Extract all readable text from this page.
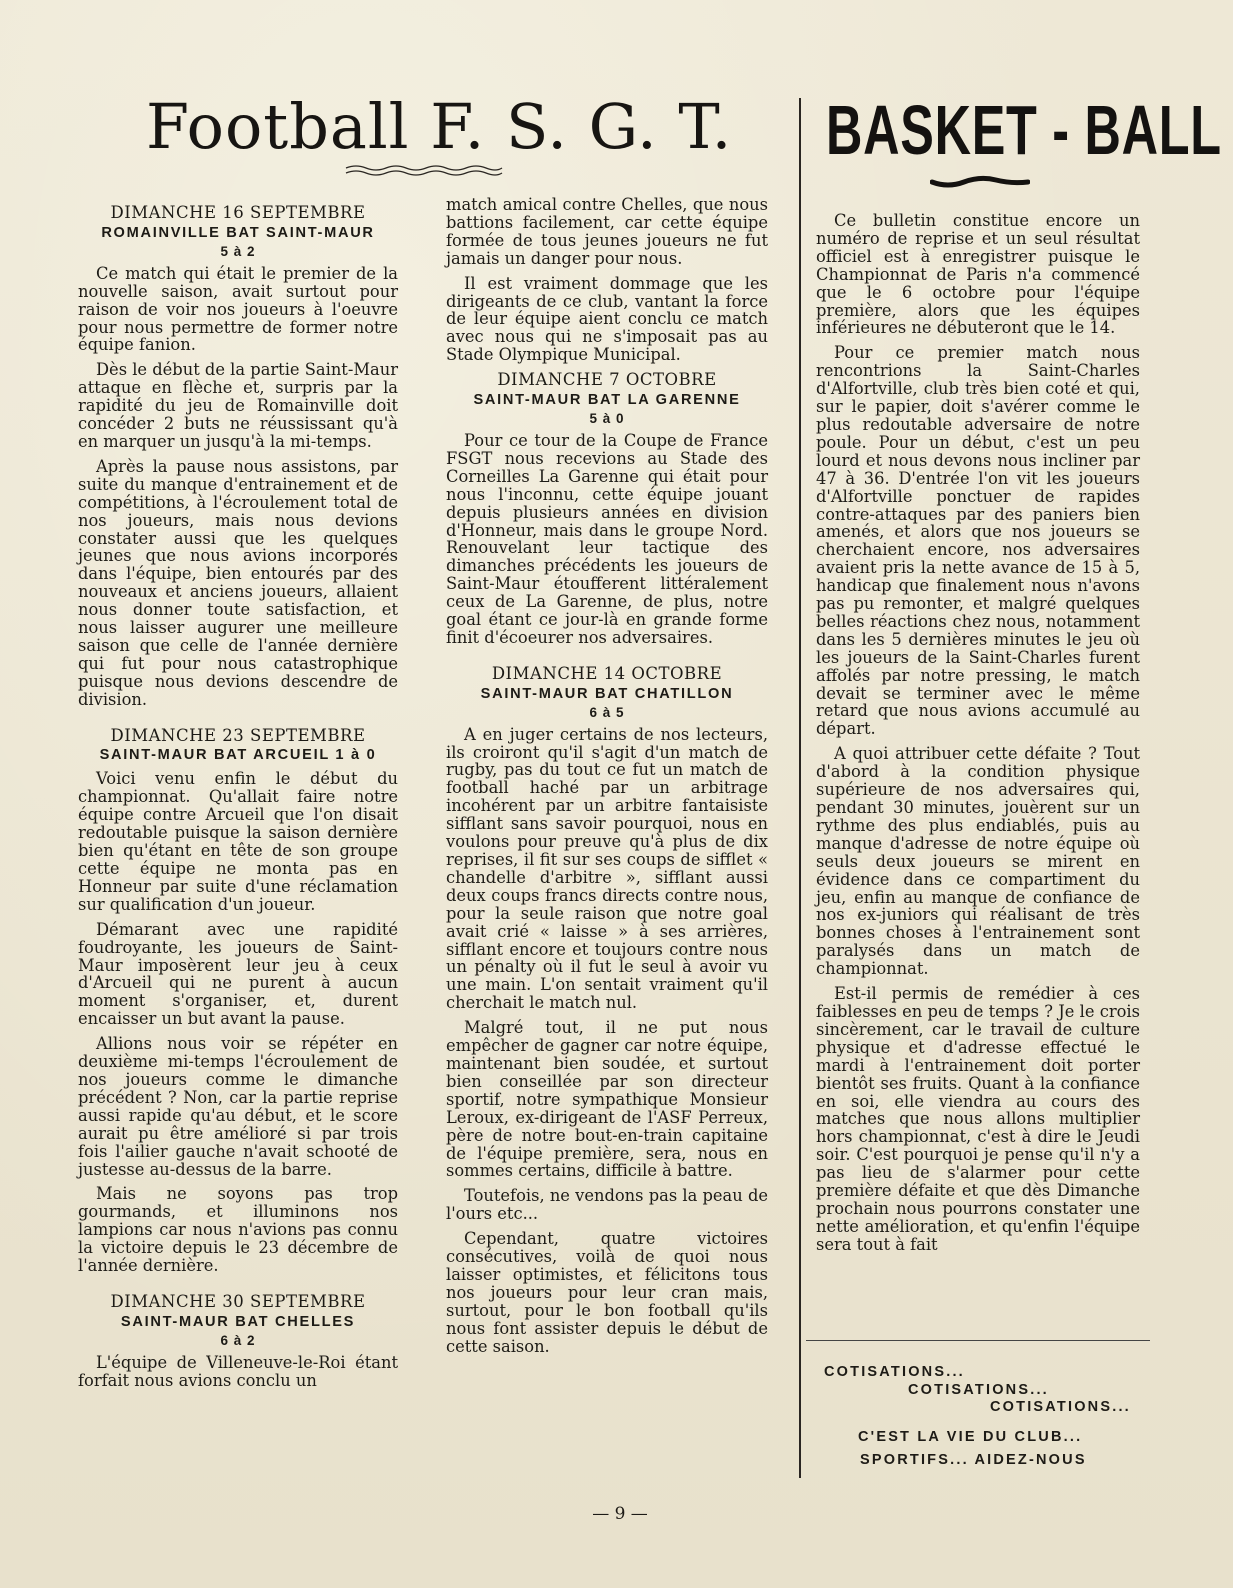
Football F. S. G. T. BASKET - BALL
DIMANCHE 16 SEPTEMBRE
ROMAINVILLE BAT SAINT-MAUR
5 à 2

Ce match qui était le premier de la nouvelle saison, avait surtout pour raison de voir nos joueurs à l'oeuvre pour nous permettre de former notre équipe fanion.

Dès le début de la partie Saint-Maur attaque en flèche et, surpris par la rapidité du jeu de Romainville doit concéder 2 buts ne réussissant qu'à en marquer un jusqu'à la mi-temps.

Après la pause nous assistons, par suite du manque d'entrainement et de compétitions, à l'écroulement total de nos joueurs, mais nous devions constater aussi que les quelques jeunes que nous avions incorporés dans l'équipe, bien entourés par des nouveaux et anciens joueurs, allaient nous donner toute satisfaction, et nous laisser augurer une meilleure saison que celle de l'année dernière qui fut pour nous catastrophique puisque nous devions descendre de division.

DIMANCHE 23 SEPTEMBRE
SAINT-MAUR BAT ARCUEIL 1 à 0

Voici venu enfin le début du championnat. Qu'allait faire notre équipe contre Arcueil que l'on disait redoutable puisque la saison dernière bien qu'étant en tête de son groupe cette équipe ne monta pas en Honneur par suite d'une réclamation sur qualification d'un joueur.

Démarant avec une rapidité foudroyante, les joueurs de Saint-Maur imposèrent leur jeu à ceux d'Arcueil qui ne purent à aucun moment s'organiser, et, durent encaisser un but avant la pause.

Allions nous voir se répéter en deuxième mi-temps l'écroulement de nos joueurs comme le dimanche précédent ? Non, car la partie reprise aussi rapide qu'au début, et le score aurait pu être amélioré si par trois fois l'ailier gauche n'avait schooté de justesse au-dessus de la barre.

Mais ne soyons pas trop gourmands, et illuminons nos lampions car nous n'avions pas connu la victoire depuis le 23 décembre de l'année dernière.

DIMANCHE 30 SEPTEMBRE
SAINT-MAUR BAT CHELLES
6 à 2

L'équipe de Villeneuve-le-Roi étant forfait nous avions conclu un

match amical contre Chelles, que nous battions facilement, car cette équipe formée de tous jeunes joueurs ne fut jamais un danger pour nous.

Il est vraiment dommage que les dirigeants de ce club, vantant la force de leur équipe aient conclu ce match avec nous qui ne s'imposait pas au Stade Olympique Municipal.

DIMANCHE 7 OCTOBRE
SAINT-MAUR BAT LA GARENNE
5 à 0

Pour ce tour de la Coupe de France FSGT nous recevions au Stade des Corneilles La Garenne qui était pour nous l'inconnu, cette équipe jouant depuis plusieurs années en division d'Honneur, mais dans le groupe Nord. Renouvelant leur tactique des dimanches précédents les joueurs de Saint-Maur étoufferent littéralement ceux de La Garenne, de plus, notre goal étant ce jour-là en grande forme finit d'écoeurer nos adversaires.

DIMANCHE 14 OCTOBRE
SAINT-MAUR BAT CHATILLON
6 à 5

A en juger certains de nos lecteurs, ils croiront qu'il s'agit d'un match de rugby, pas du tout ce fut un match de football haché par un arbitrage incohérent par un arbitre fantaisiste sifflant sans savoir pourquoi, nous en voulons pour preuve qu'à plus de dix reprises, il fit sur ses coups de sifflet « chandelle d'arbitre », sifflant aussi deux coups francs directs contre nous, pour la seule raison que notre goal avait crié « laisse » à ses arrières, sifflant encore et toujours contre nous un pénalty où il fut le seul à avoir vu une main. L'on sentait vraiment qu'il cherchait le match nul.

Malgré tout, il ne put nous empêcher de gagner car notre équipe, maintenant bien soudée, et surtout bien conseillée par son directeur sportif, notre sympathique Monsieur Leroux, ex-dirigeant de l'ASF Perreux, père de notre bout-en-train capitaine de l'équipe première, sera, nous en sommes certains, difficile à battre.

Toutefois, ne vendons pas la peau de l'ours etc...

Cependant, quatre victoires consécutives, voilà de quoi nous laisser optimistes, et félicitons tous nos joueurs pour leur cran mais, surtout, pour le bon football qu'ils nous font assister depuis le début de cette saison.

Ce bulletin constitue encore un numéro de reprise et un seul résultat officiel est à enregistrer puisque le Championnat de Paris n'a commencé que le 6 octobre pour l'équipe première, alors que les équipes inférieures ne débuteront que le 14.

Pour ce premier match nous rencontrions la Saint-Charles d'Alfortville, club très bien coté et qui, sur le papier, doit s'avérer comme le plus redoutable adversaire de notre poule. Pour un début, c'est un peu lourd et nous devons nous incliner par 47 à 36. D'entrée l'on vit les joueurs d'Alfortville ponctuer de rapides contre-attaques par des paniers bien amenés, et alors que nos joueurs se cherchaient encore, nos adversaires avaient pris la nette avance de 15 à 5, handicap que finalement nous n'avons pas pu remonter, et malgré quelques belles réactions chez nous, notamment dans les 5 dernières minutes le jeu où les joueurs de la Saint-Charles furent affolés par notre pressing, le match devait se terminer avec le même retard que nous avions accumulé au départ.

A quoi attribuer cette défaite ? Tout d'abord à la condition physique supérieure de nos adversaires qui, pendant 30 minutes, jouèrent sur un rythme des plus endiablés, puis au manque d'adresse de notre équipe où seuls deux joueurs se mirent en évidence dans ce compartiment du jeu, enfin au manque de confiance de nos ex-juniors qui réalisant de très bonnes choses à l'entrainement sont paralysés dans un match de championnat.

Est-il permis de remédier à ces faiblesses en peu de temps ? Je le crois sincèrement, car le travail de culture physique et d'adresse effectué le mardi à l'entrainement doit porter bientôt ses fruits. Quant à la confiance en soi, elle viendra au cours des matches que nous allons multiplier hors championnat, c'est à dire le Jeudi soir. C'est pourquoi je pense qu'il n'y a pas lieu de s'alarmer pour cette première défaite et que dès Dimanche prochain nous pourrons constater une nette amélioration, et qu'enfin l'équipe sera tout à fait

COTISATIONS...
COTISATIONS...
COTISATIONS...
C'EST LA VIE DU CLUB...
SPORTIFS... AIDEZ-NOUS
— 9 —
